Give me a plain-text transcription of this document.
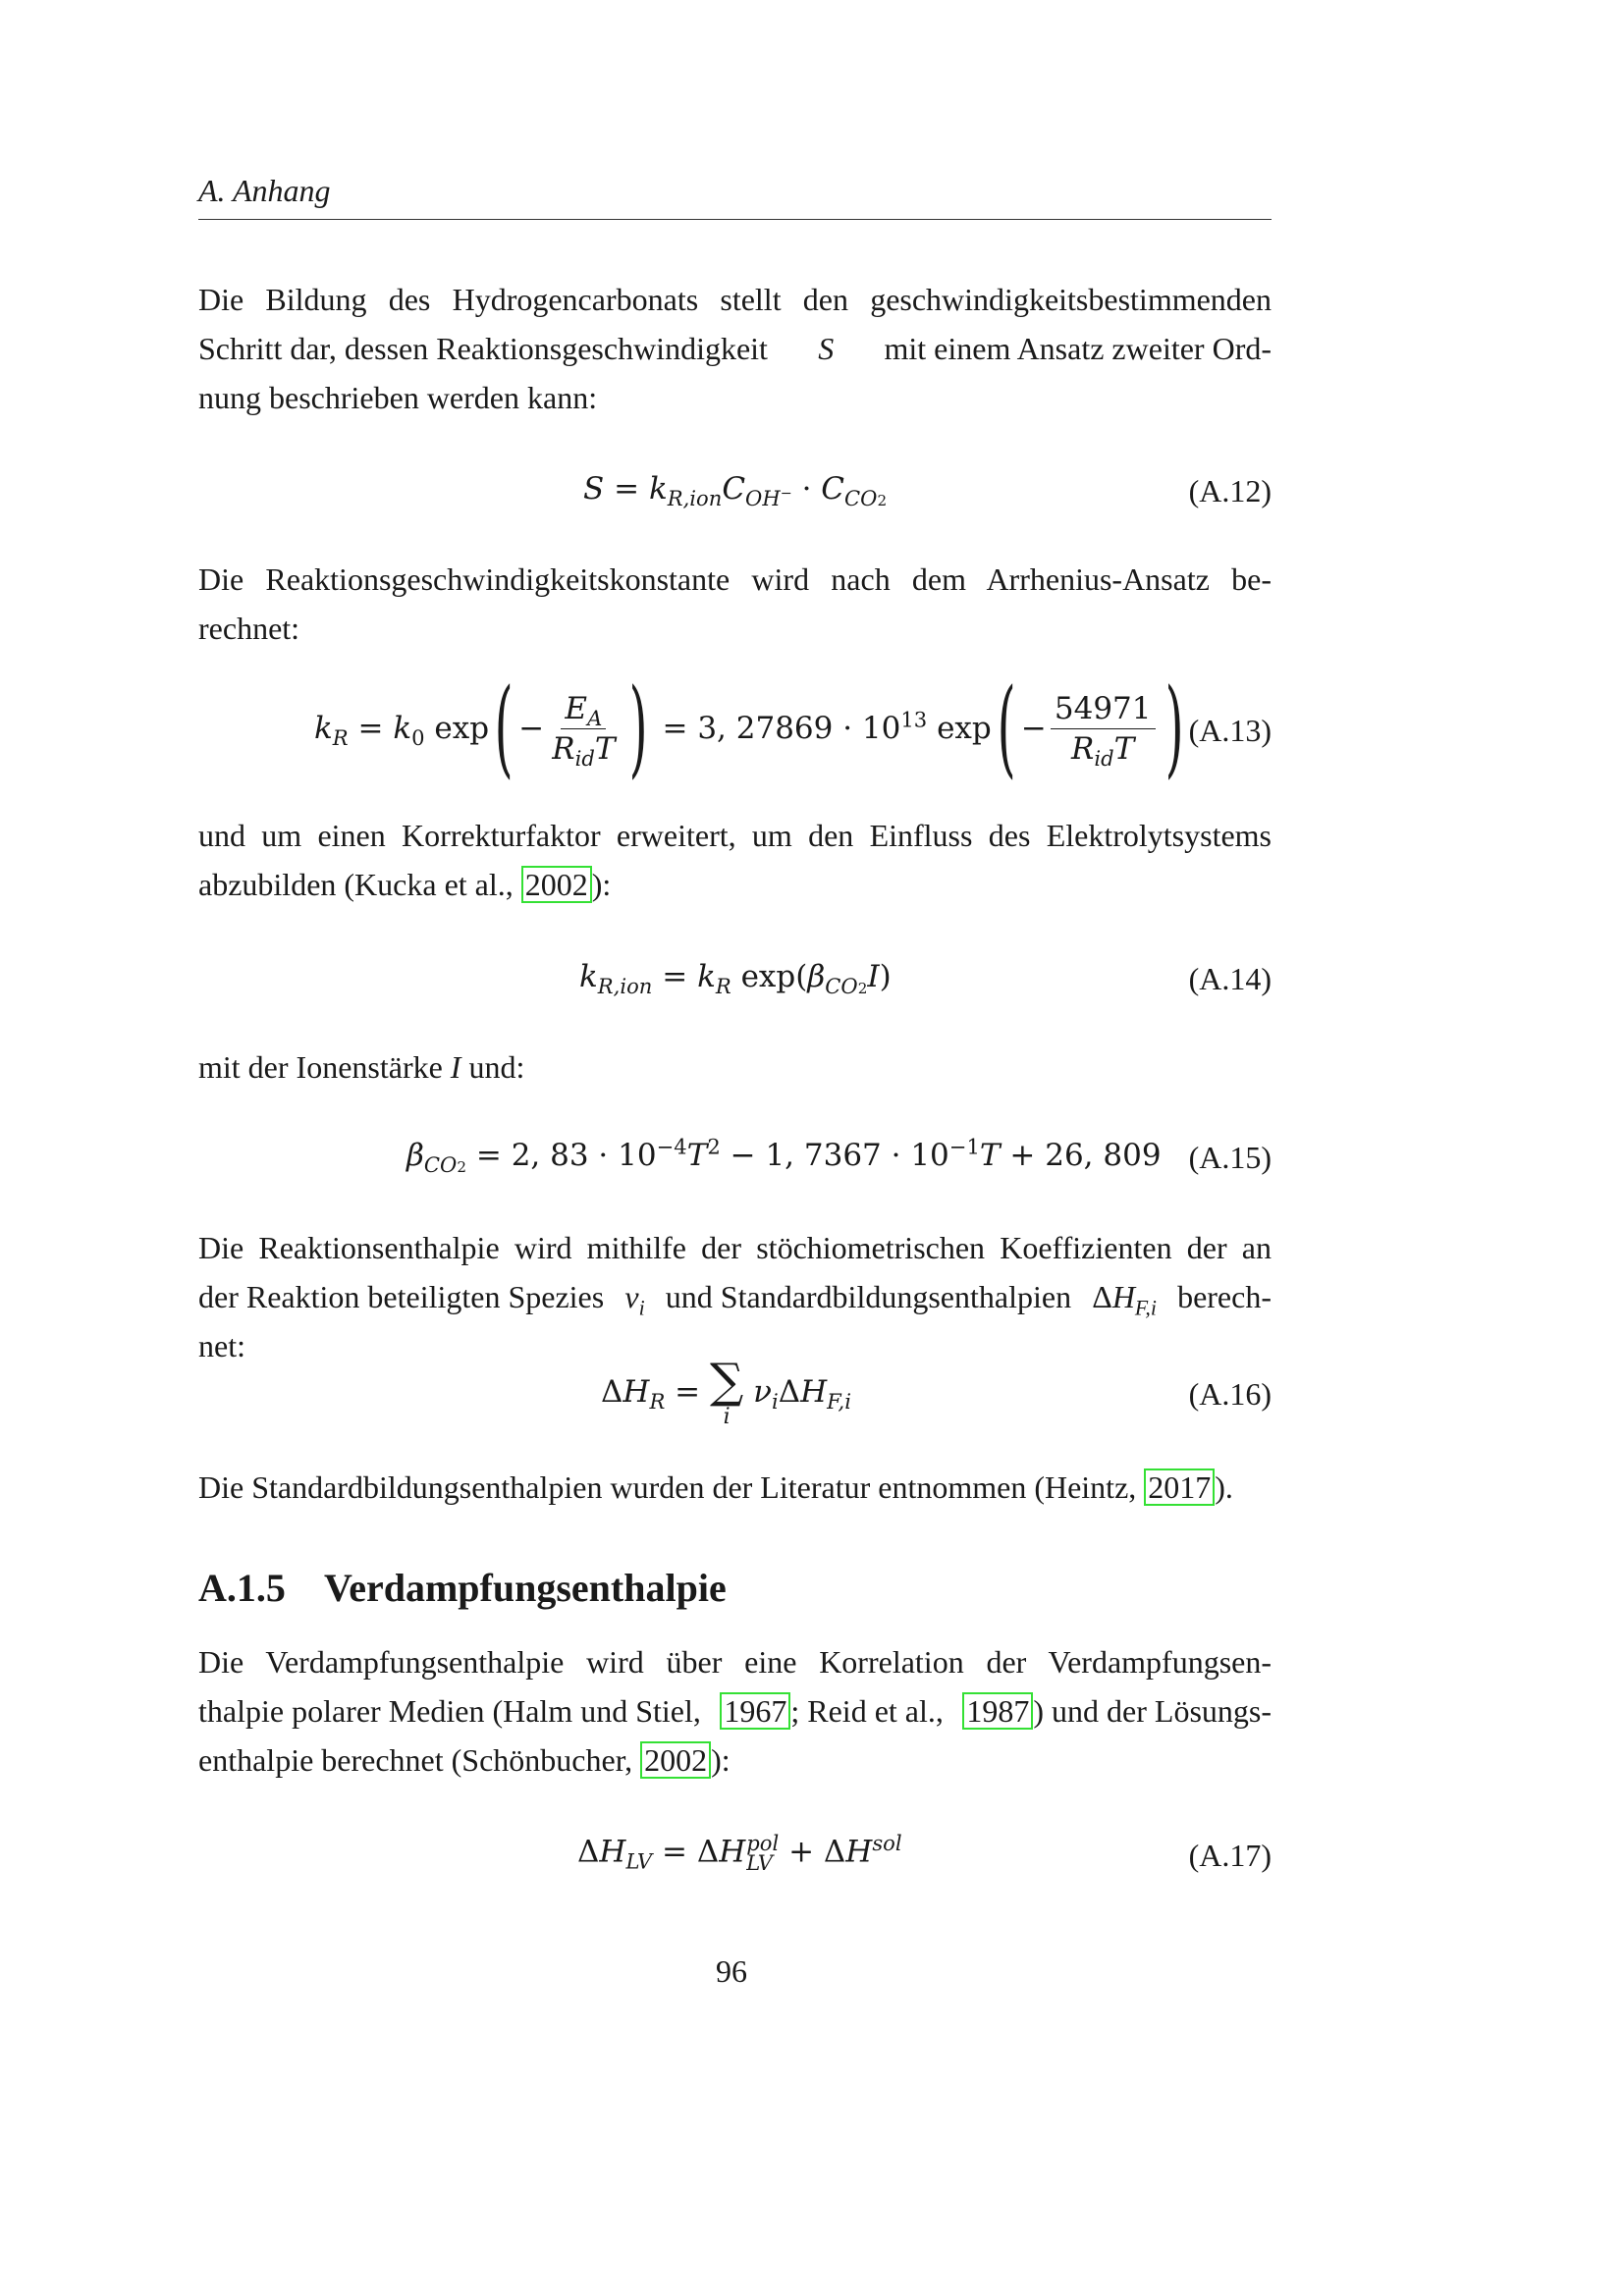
A. Anhang
Die Bildung des Hydrogencarbonats stellt den geschwindigkeitsbestimmenden
Schritt dar, dessen Reaktionsgeschwindigkeit S mit einem Ansatz zweiter Ord-
nung beschrieben werden kann:
$S = k_{R,ion}C_{OH^-} \cdot C_{CO2}$	(A.12)
Die Reaktionsgeschwindigkeitskonstante wird nach dem Arrhenius-Ansatz be-
rechnet:
$k_R = k_0$ exp ( − $\frac{E_A}{R_{id}T}$ ) = 3, $27869 \cdot 10^{13}$ exp ( − $\frac{54971}{R_{id}T}$ ) (A.13)
und um einen Korrekturfaktor erweitert, um den Einfluss des Elektrolytsystems
abzubilden (Kucka et al., 2002 ):
$k_{R,ion} = k_R$ $\exp(\beta_{CO2}I)$	(A.14)
mit der Ionenstärke I und:
$\beta_{CO2} = 2$, $83 \cdot 10^{-4}T^2 - 1$, $7367 \cdot 10^{-1}T + 26$, 809 (A.15)
Die Reaktionsenthalpie wird mithilfe der stöchiometrischen Koeffizienten der an
der Reaktion beteiligten Spezies $\nu_i$ und Standardbildungsenthalpien $\Delta H_{F,i}$ berech-
net:
$\Delta H_R$ = ∑
i
$\nu_i\Delta H_{F,i}$	(A.16)
Die Standardbildungsenthalpien wurden der Literatur entnommen (Heintz, 2017 ).
A.1.5 Verdampfungsenthalpie
Die Verdampfungsenthalpie wird über eine Korrelation der Verdampfungsen-
thalpie polarer Medien (Halm und Stiel, 1967 ; Reid et al., 1987 ) und der Lösungs-
enthalpie berechnet (Schönbucher, 2002 ):
$\Delta H_{LV} = \Delta H$ pol
LV + $\Delta H^{sol}$	(A.17)
96
